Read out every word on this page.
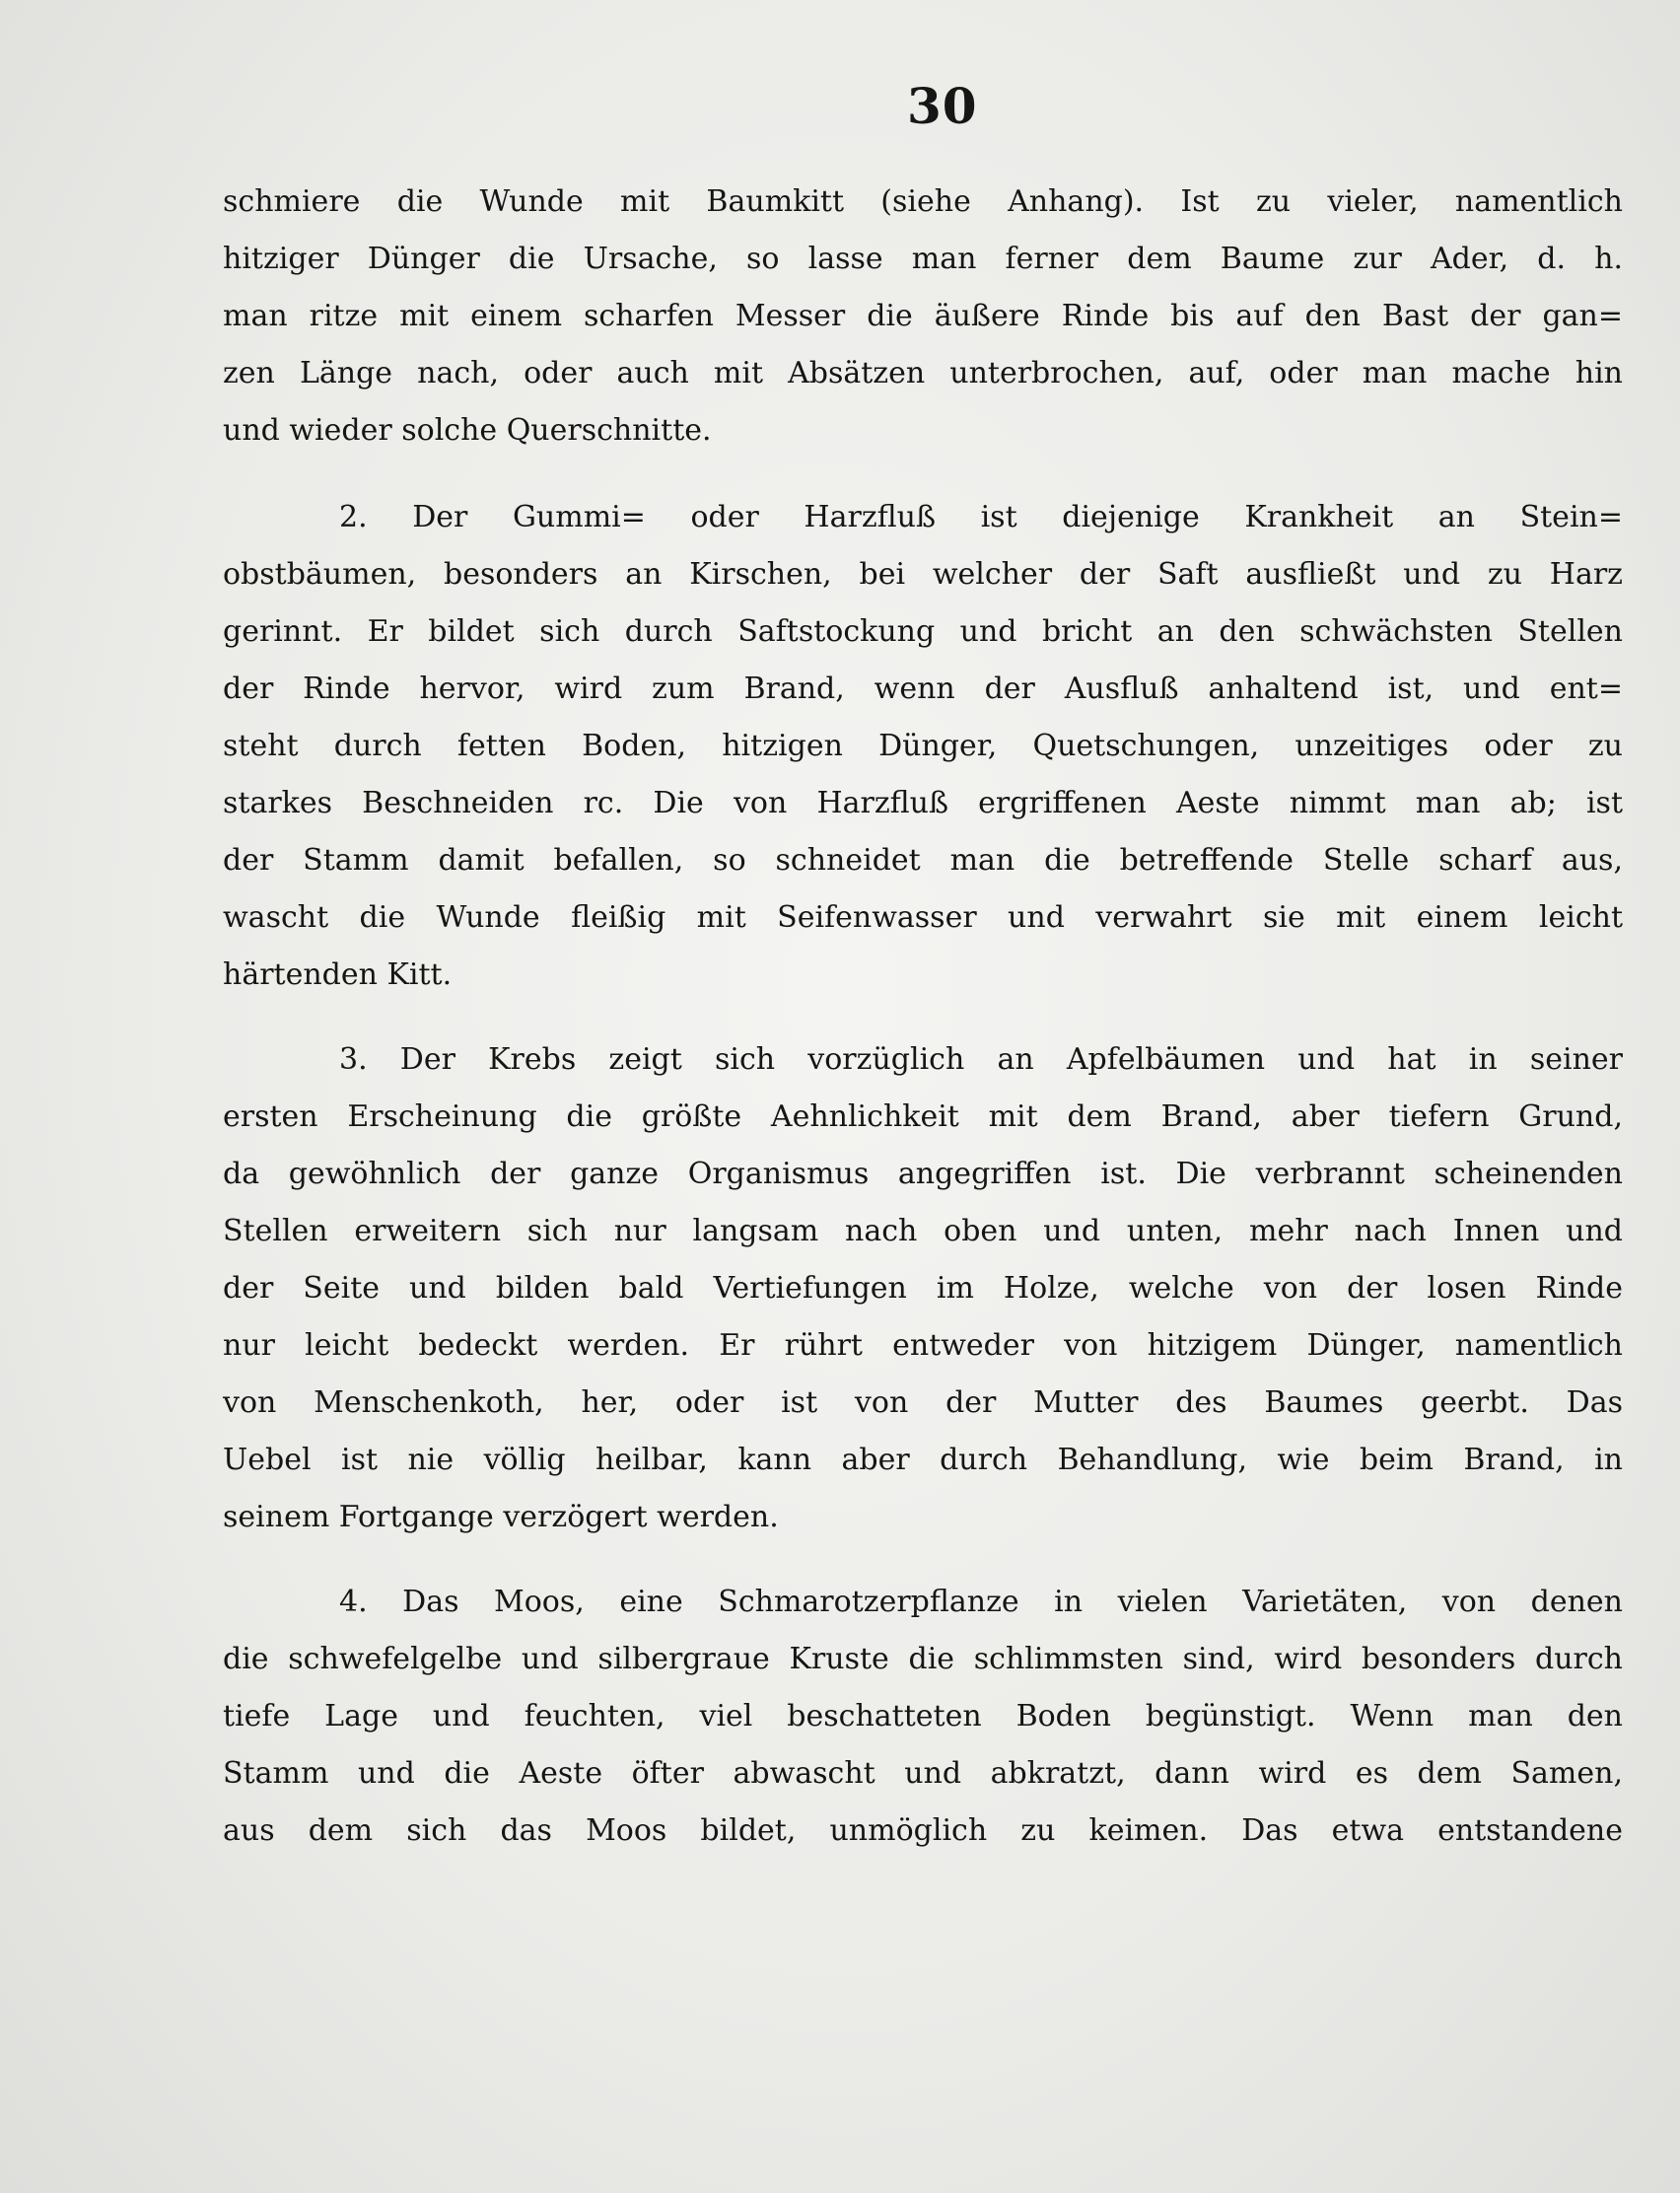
30
schmiere die Wunde mit Baumkitt (siehe Anhang). Ist zu vieler, namentlich
hitziger Dünger die Ursache, so lasse man ferner dem Baume zur Ader, d. h.
man ritze mit einem scharfen Messer die äußere Rinde bis auf den Bast der gan=
zen Länge nach, oder auch mit Absätzen unterbrochen, auf, oder man mache hin
und wieder solche Querschnitte.
2. Der Gummi= oder Harzfluß ist diejenige Krankheit an Stein=
obstbäumen, besonders an Kirschen, bei welcher der Saft ausfließt und zu Harz
gerinnt. Er bildet sich durch Saftstockung und bricht an den schwächsten Stellen
der Rinde hervor, wird zum Brand, wenn der Ausfluß anhaltend ist, und ent=
steht durch fetten Boden, hitzigen Dünger, Quetschungen, unzeitiges oder zu
starkes Beschneiden rc. Die von Harzfluß ergriffenen Aeste nimmt man ab; ist
der Stamm damit befallen, so schneidet man die betreffende Stelle scharf aus,
wascht die Wunde fleißig mit Seifenwasser und verwahrt sie mit einem leicht
härtenden Kitt.
3. Der Krebs zeigt sich vorzüglich an Apfelbäumen und hat in seiner
ersten Erscheinung die größte Aehnlichkeit mit dem Brand, aber tiefern Grund,
da gewöhnlich der ganze Organismus angegriffen ist. Die verbrannt scheinenden
Stellen erweitern sich nur langsam nach oben und unten, mehr nach Innen und
der Seite und bilden bald Vertiefungen im Holze, welche von der losen Rinde
nur leicht bedeckt werden. Er rührt entweder von hitzigem Dünger, namentlich
von Menschenkoth, her, oder ist von der Mutter des Baumes geerbt. Das
Uebel ist nie völlig heilbar, kann aber durch Behandlung, wie beim Brand, in
seinem Fortgange verzögert werden.
4. Das Moos, eine Schmarotzerpflanze in vielen Varietäten, von denen
die schwefelgelbe und silbergraue Kruste die schlimmsten sind, wird besonders durch
tiefe Lage und feuchten, viel beschatteten Boden begünstigt. Wenn man den
Stamm und die Aeste öfter abwascht und abkratzt, dann wird es dem Samen,
aus dem sich das Moos bildet, unmöglich zu keimen. Das etwa entstandene
